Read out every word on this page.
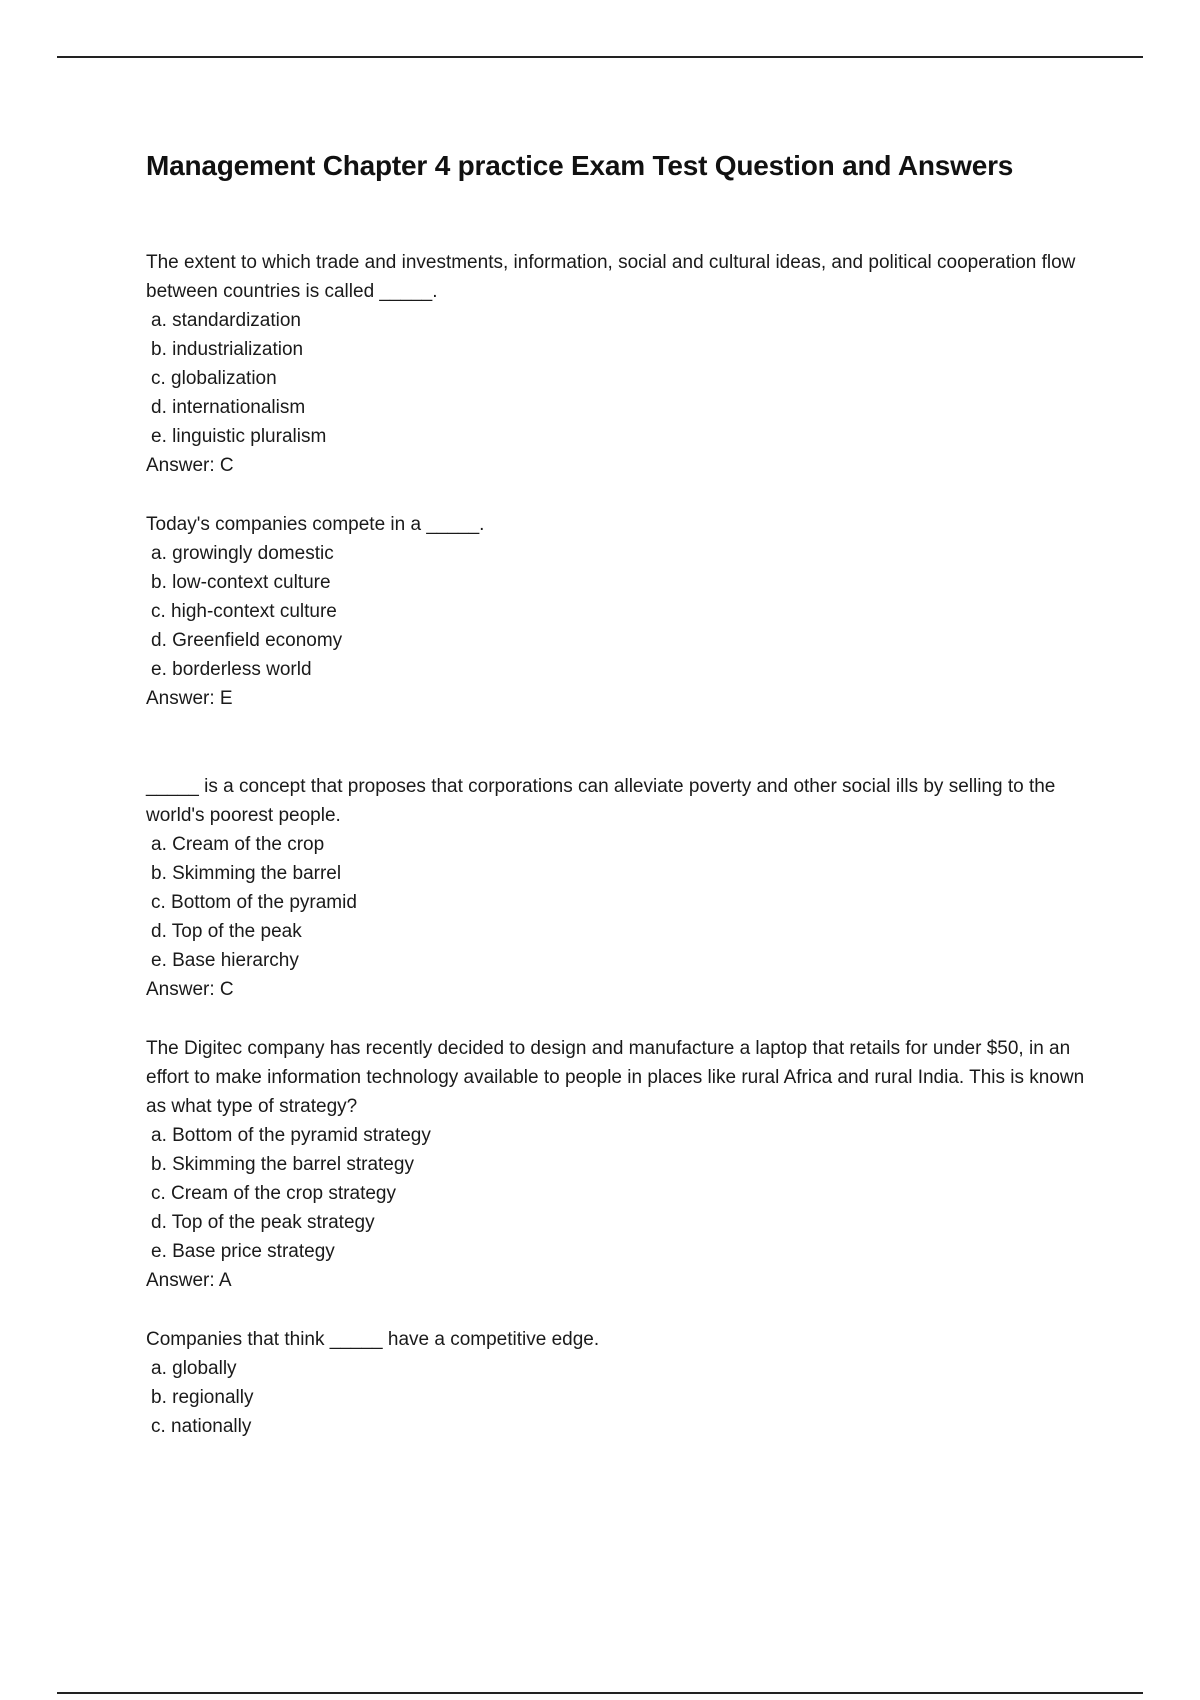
Management Chapter 4 practice Exam Test Question and Answers

The extent to which trade and investments, information, social and cultural ideas, and political cooperation flow between countries is called _____.

a. standardization
b. industrialization
c. globalization
d. internationalism
e. linguistic pluralism
Answer: C

Today's companies compete in a _____.

a. growingly domestic
b. low-context culture
c. high-context culture
d. Greenfield economy
e. borderless world
Answer: E

_____ is a concept that proposes that corporations can alleviate poverty and other social ills by selling to the world's poorest people.

a. Cream of the crop
b. Skimming the barrel
c. Bottom of the pyramid
d. Top of the peak
e. Base hierarchy
Answer: C

The Digitec company has recently decided to design and manufacture a laptop that retails for under $50, in an effort to make information technology available to people in places like rural Africa and rural India. This is known as what type of strategy?

a. Bottom of the pyramid strategy
b. Skimming the barrel strategy
c. Cream of the crop strategy
d. Top of the peak strategy
e. Base price strategy
Answer: A

Companies that think _____ have a competitive edge.

a. globally
b. regionally
c. nationally
